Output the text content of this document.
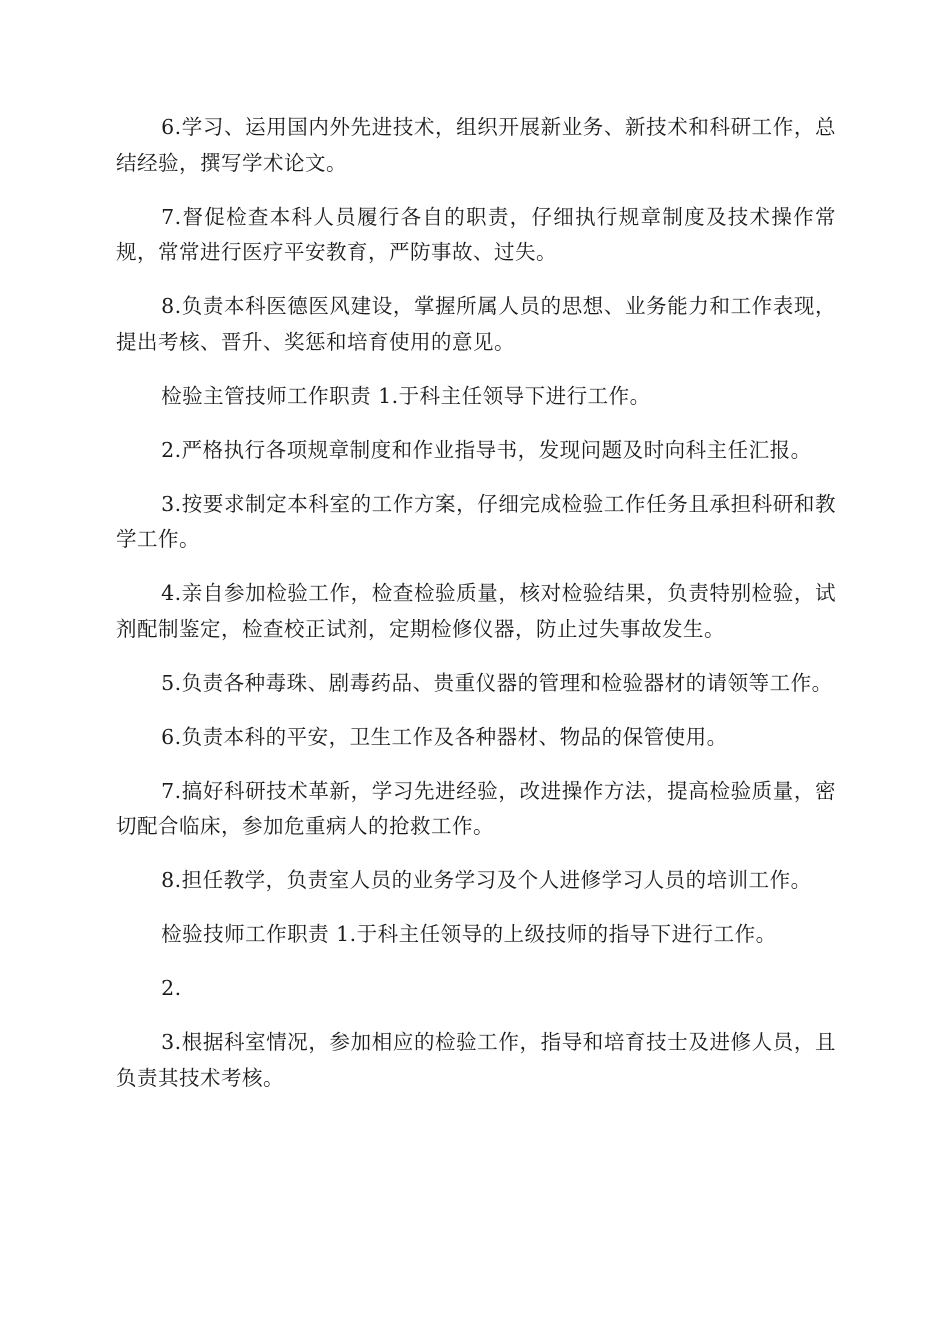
6.学习、运用国内外先进技术，组织开展新业务、新技术和科研工作，总结经验，撰写学术论文。

7.督促检查本科人员履行各自的职责，仔细执行规章制度及技术操作常规，常常进行医疗平安教育，严防事故、过失。

8.负责本科医德医风建设，掌握所属人员的思想、业务能力和工作表现，提出考核、晋升、奖惩和培育使用的意见。

检验主管技师工作职责 1.于科主任领导下进行工作。

2.严格执行各项规章制度和作业指导书，发现问题及时向科主任汇报。

3.按要求制定本科室的工作方案，仔细完成检验工作任务且承担科研和教学工作。

4.亲自参加检验工作，检查检验质量，核对检验结果，负责特别检验，试剂配制鉴定，检查校正试剂，定期检修仪器，防止过失事故发生。

5.负责各种毒珠、剧毒药品、贵重仪器的管理和检验器材的请领等工作。

6.负责本科的平安，卫生工作及各种器材、物品的保管使用。

7.搞好科研技术革新，学习先进经验，改进操作方法，提高检验质量，密切配合临床，参加危重病人的抢救工作。

8.担任教学，负责室人员的业务学习及个人进修学习人员的培训工作。

检验技师工作职责 1.于科主任领导的上级技师的指导下进行工作。

2.

3.根据科室情况，参加相应的检验工作，指导和培育技士及进修人员，且负责其技术考核。
